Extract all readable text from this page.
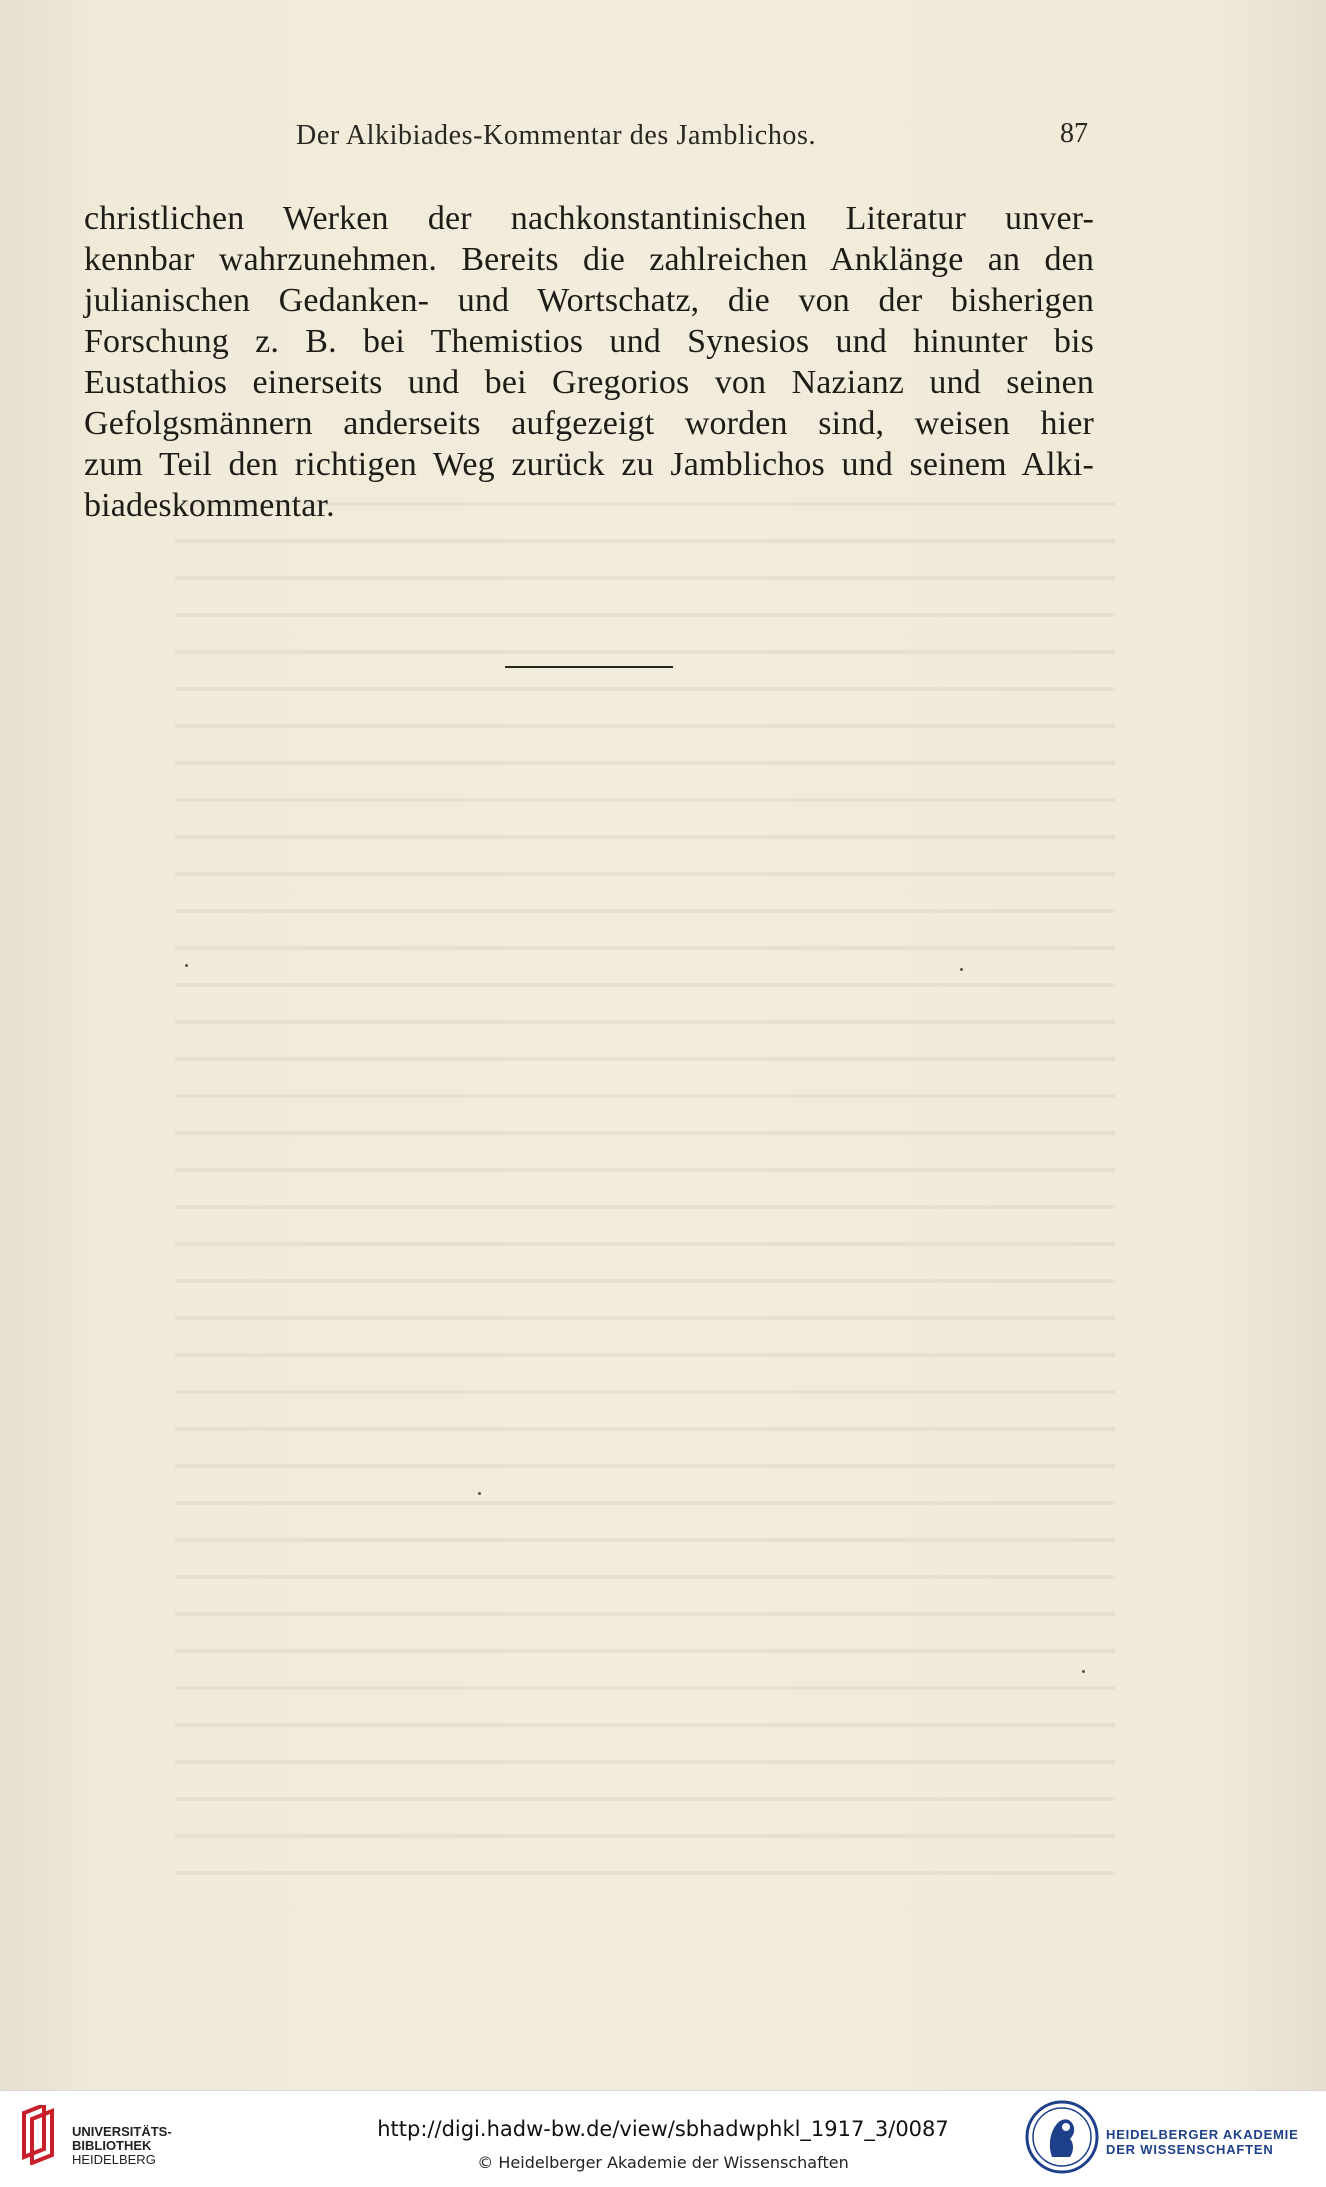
Der Alkibiades-Kommentar des Jamblichos.	87
christlichen Werken der nachkonstantinischen Literatur unver-
kennbar wahrzunehmen. Bereits die zahlreichen Anklänge an den
julianischen Gedanken- und Wortschatz, die von der bisherigen
Forschung z. B. bei Themistios und Synesios und hinunter bis
Eustathios einerseits und bei Gregorios von Nazianz und seinen
Gefolgsmännern anderseits aufgezeigt worden sind, weisen hier
zum Teil den richtigen Weg zurück zu Jamblichos und seinem Alki-
biadeskommentar.
UNIVERSITÄTS-
BIBLIOTHEK
HEIDELBERG
http://digi.hadw-bw.de/view/sbhadwphkl_1917_3/0087
© Heidelberger Akademie der Wissenschaften
HEIDELBERGER AKADEMIE
DER WISSENSCHAFTEN
